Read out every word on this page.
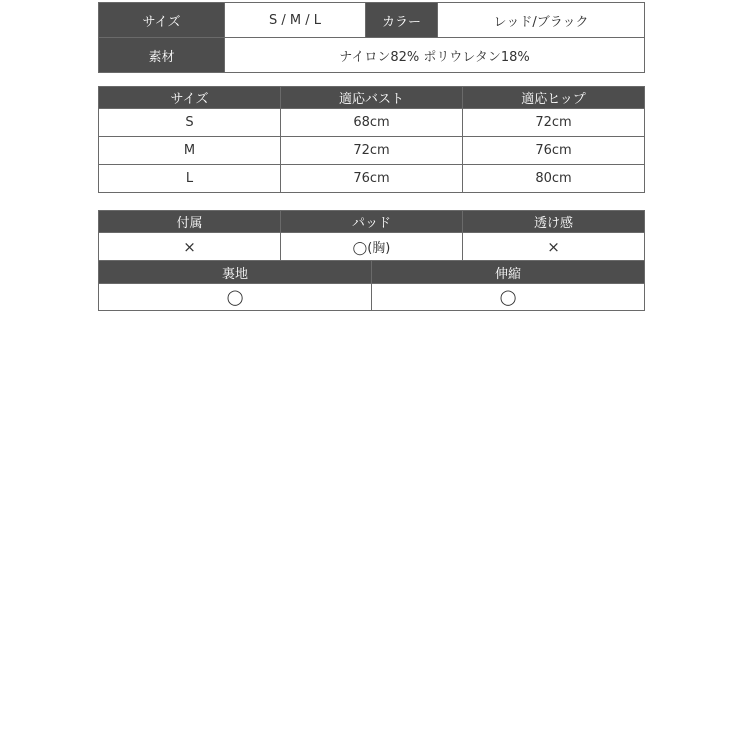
サイズ	S / M / L	カラー	レッド/ブラック
素材	ナイロン82% ポリウレタン18%		
サイズ	適応バスト	適応ヒップ
S	68cm	72cm
M	72cm	76cm
L	76cm	80cm
付属	パッド	透け感
×	◯(胸)	×
裏地	伸縮
◯	◯
